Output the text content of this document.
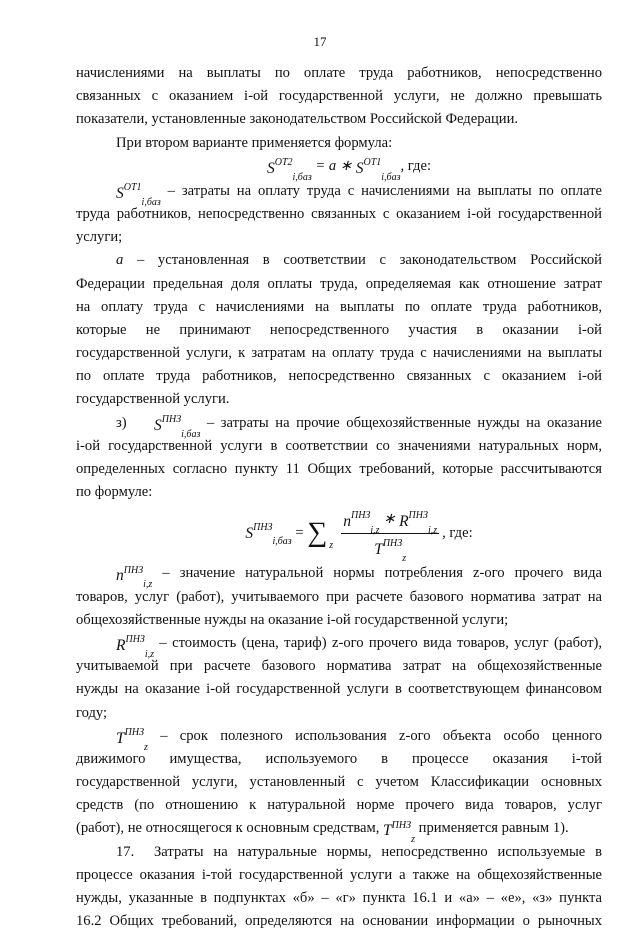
17
начислениями на выплаты по оплате труда работников, непосредственно
связанных с оказанием i-ой государственной услуги, не должно превышать
показатели, установленные законодательством Российской Федерации.
При втором варианте применяется формула:
$S^{ОТ2}_{i,баз} = a$ ∗ $S^{ОТ1}_{i,баз}$, где:
$S^{ОТ1}_{i,баз}$ – затраты на оплату труда с начислениями на выплаты по оплате
труда работников, непосредственно связанных с оказанием i-ой государственной
услуги;
a – установленная в соответствии с законодательством Российской
Федерации предельная доля оплаты труда, определяемая как отношение затрат
на оплату труда с начислениями на выплаты по оплате труда работников,
которые не принимают непосредственного участия в оказании i-ой
государственной услуги, к затратам на оплату труда с начислениями на выплаты
по оплате труда работников, непосредственно связанных с оказанием i-ой
государственной услуги.
з)	$S^{ПНЗ}_{i,баз}$ – затраты на прочие общехозяйственные нужды на оказание
i-ой государственной услуги в соответствии со значениями натуральных норм,
определенных согласно пункту 11 Общих требований, которые рассчитываются
по формуле:
$S^{ПНЗ}_{i,баз}$
= ∑ z $\frac{n^{ПНЗ}_{i,z} ∗ R^{ПНЗ}_{i,z}}{T^{ПНЗ}_z}$ , где:
$n^{ПНЗ}_{i,z}$ – значение натуральной нормы потребления z-ого прочего вида
товаров, услуг (работ), учитываемого при расчете базового норматива затрат на
общехозяйственные нужды на оказание i-ой государственной услуги;
$R^{ПНЗ}_{i,z}$ – стоимость (цена, тариф) z-ого прочего вида товаров, услуг (работ),
учитываемой при расчете базового норматива затрат на общехозяйственные
нужды на оказание i-ой государственной услуги в соответствующем финансовом
году;
$T^{ПНЗ}_z$ – срок полезного использования z-ого объекта особо ценного
движимого имущества, используемого в процессе оказания i-той
государственной услуги, установленный с учетом Классификации основных
средств (по отношению к натуральной норме прочего вида товаров, услуг
(работ), не относящегося к основным средствам, $T^{ПНЗ}_z$ применяется равным 1).
17.	Затраты на натуральные нормы, непосредственно используемые в
процессе оказания i-той государственной услуги а также на общехозяйственные
нужды, указанные в подпунктах «б» – «г» пункта 16.1 и «а» – «е», «з» пункта
16.2 Общих требований, определяются на основании информации о рыночных
